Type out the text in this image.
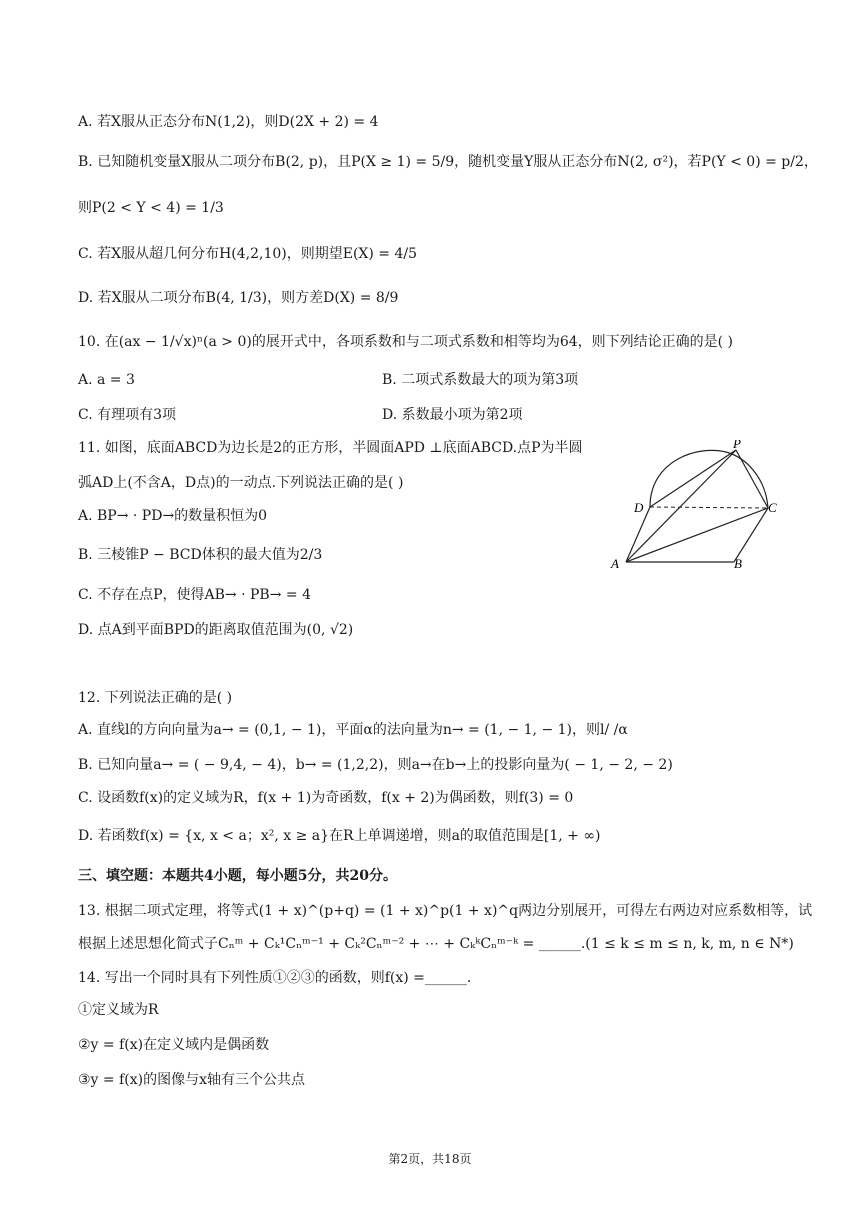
A. 若X服从正态分布N(1,2)，则D(2X + 2) = 4
B. 已知随机变量X服从二项分布B(2, p)，且P(X ≥ 1) = 5/9，随机变量Y服从正态分布N(2, σ²)，若P(Y < 0) = p/2，
则P(2 < Y < 4) = 1/3
C. 若X服从超几何分布H(4,2,10)，则期望E(X) = 4/5
D. 若X服从二项分布B(4, 1/3)，则方差D(X) = 8/9
10. 在(ax − 1/√x)ⁿ(a > 0)的展开式中，各项系数和与二项式系数和相等均为64，则下列结论正确的是( )
A. a = 3	B. 二项式系数最大的项为第3项
C. 有理项有3项	D. 系数最小项为第2项
11. 如图，底面ABCD为边长是2的正方形，半圆面APD ⊥底面ABCD.点P为半圆
弧AD上(不含A，D点)的一动点.下列说法正确的是( )
A. BP→ · PD→的数量积恒为0
B. 三棱锥P − BCD体积的最大值为2/3
C. 不存在点P，使得AB→ · PB→ = 4
D. 点A到平面BPD的距离取值范围为(0, √2)
P
D	C
A	B
12. 下列说法正确的是( )
A. 直线l的方向向量为a→ = (0,1, − 1)，平面α的法向量为n→ = (1, − 1, − 1)，则l/ /α
B. 已知向量a→ = ( − 9,4, − 4)，b→ = (1,2,2)，则a→在b→上的投影向量为( − 1, − 2, − 2)
C. 设函数f(x)的定义域为R，f(x + 1)为奇函数，f(x + 2)为偶函数，则f(3) = 0
D. 若函数f(x) = {x, x < a；x², x ≥ a}在R上单调递增，则a的取值范围是[1, + ∞)
三、填空题：本题共4小题，每小题5分，共20分。
13. 根据二项式定理，将等式(1 + x)^(p+q) = (1 + x)^p(1 + x)^q两边分别展开，可得左右两边对应系数相等，试
根据上述思想化简式子Cₙᵐ + Cₖ¹Cₙᵐ⁻¹ + Cₖ²Cₙᵐ⁻² + ⋯ + CₖᵏCₙᵐ⁻ᵏ = ______.(1 ≤ k ≤ m ≤ n, k, m, n ∈ N*)
14. 写出一个同时具有下列性质①②③的函数，则f(x) =______.
①定义域为R
②y = f(x)在定义域内是偶函数
③y = f(x)的图像与x轴有三个公共点
第2页，共18页
